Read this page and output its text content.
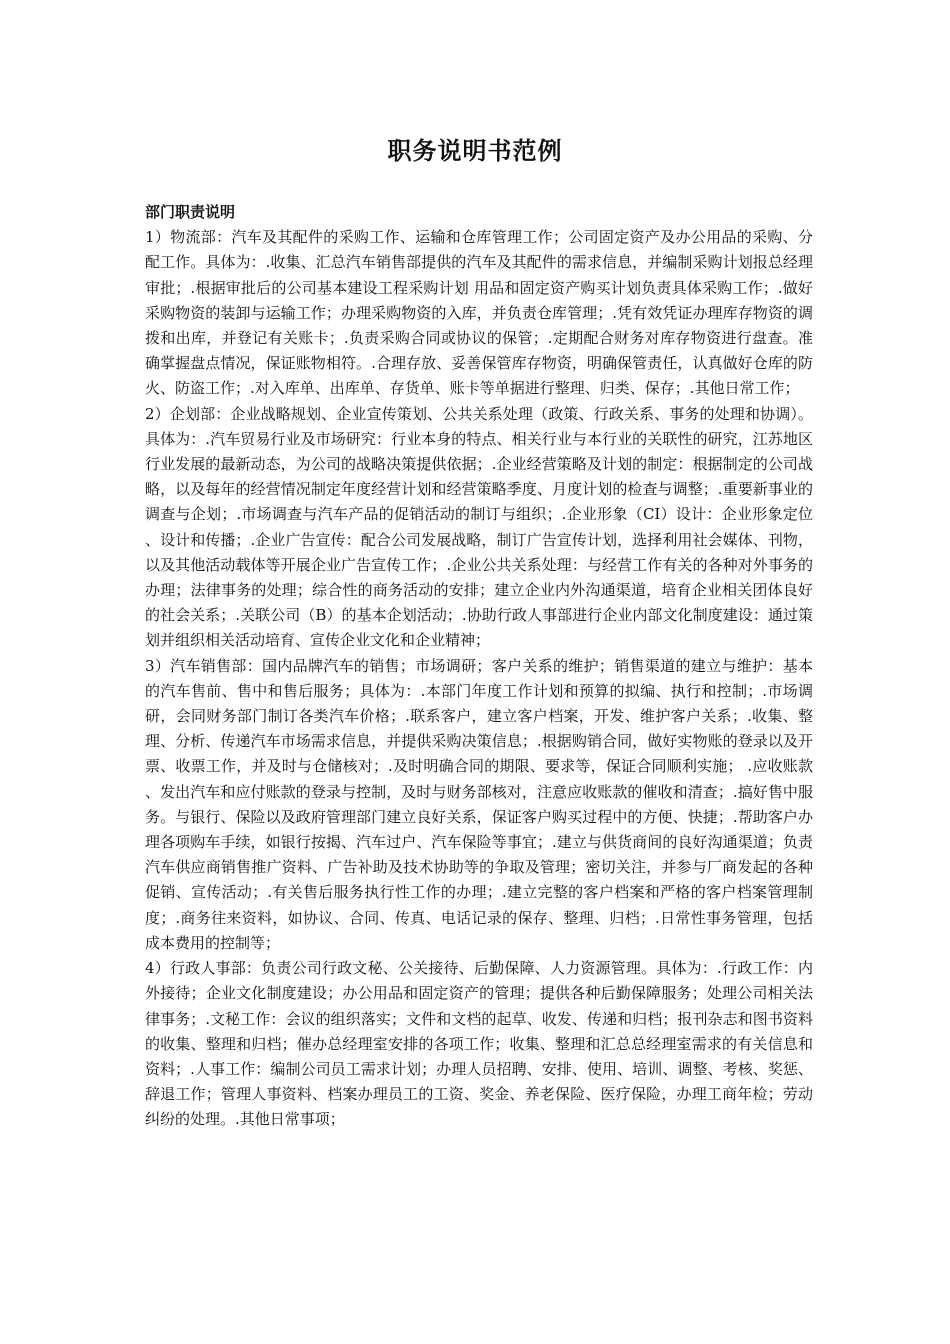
职务说明书范例

部门职责说明

1）物流部：汽车及其配件的采购工作、运输和仓库管理工作；公司固定资产及办公用品的采购、分配工作。具体为：.收集、汇总汽车销售部提供的汽车及其配件的需求信息，并编制采购计划报总经理审批；.根据审批后的公司基本建设工程采购计划 用品和固定资产购买计划负责具体采购工作；.做好采购物资的装卸与运输工作；办理采购物资的入库，并负责仓库管理；.凭有效凭证办理库存物资的调拨和出库，并登记有关账卡；.负责采购合同或协议的保管；.定期配合财务对库存物资进行盘查。准确掌握盘点情况，保证账物相符。.合理存放、妥善保管库存物资，明确保管责任，认真做好仓库的防火、防盗工作；.对入库单、出库单、存货单、账卡等单据进行整理、归类、保存；.其他日常工作；

2）企划部：企业战略规划、企业宣传策划、公共关系处理（政策、行政关系、事务的处理和协调）。具体为：.汽车贸易行业及市场研究：行业本身的特点、相关行业与本行业的关联性的研究，江苏地区行业发展的最新动态，为公司的战略决策提供依据；.企业经营策略及计划的制定：根据制定的公司战略，以及每年的经营情况制定年度经营计划和经营策略季度、月度计划的检查与调整；.重要新事业的调查与企划；.市场调查与汽车产品的促销活动的制订与组织；.企业形象（CI）设计：企业形象定位、设计和传播；.企业广告宣传：配合公司发展战略，制订广告宣传计划，选择利用社会媒体、刊物，以及其他活动载体等开展企业广告宣传工作；.企业公共关系处理：与经营工作有关的各种对外事务的办理；法律事务的处理；综合性的商务活动的安排；建立企业内外沟通渠道，培育企业相关团体良好的社会关系；.关联公司（B）的基本企划活动；.协助行政人事部进行企业内部文化制度建设：通过策划并组织相关活动培育、宣传企业文化和企业精神；

3）汽车销售部：国内品牌汽车的销售；市场调研；客户关系的维护；销售渠道的建立与维护：基本的汽车售前、售中和售后服务；具体为：.本部门年度工作计划和预算的拟编、执行和控制；.市场调研，会同财务部门制订各类汽车价格；.联系客户，建立客户档案，开发、维护客户关系；.收集、整理、分析、传递汽车市场需求信息，并提供采购决策信息；.根据购销合同，做好实物账的登录以及开票、收票工作，并及时与仓储核对；.及时明确合同的期限、要求等，保证合同顺利实施； .应收账款、发出汽车和应付账款的登录与控制，及时与财务部核对，注意应收账款的催收和清查；.搞好售中服务。与银行、保险以及政府管理部门建立良好关系，保证客户购买过程中的方便、快捷；.帮助客户办理各项购车手续，如银行按揭、汽车过户、汽车保险等事宜；.建立与供货商间的良好沟通渠道；负责汽车供应商销售推广资料、广告补助及技术协助等的争取及管理；密切关注，并参与厂商发起的各种促销、宣传活动；.有关售后服务执行性工作的办理；.建立完整的客户档案和严格的客户档案管理制度；.商务往来资料，如协议、合同、传真、电话记录的保存、整理、归档；.日常性事务管理，包括成本费用的控制等；

4）行政人事部：负责公司行政文秘、公关接待、后勤保障、人力资源管理。具体为：.行政工作：内外接待；企业文化制度建设；办公用品和固定资产的管理；提供各种后勤保障服务；处理公司相关法律事务；.文秘工作：会议的组织落实；文件和文档的起草、收发、传递和归档；报刊杂志和图书资料的收集、整理和归档；催办总经理室安排的各项工作；收集、整理和汇总总经理室需求的有关信息和资料；.人事工作：编制公司员工需求计划；办理人员招聘、安排、使用、培训、调整、考核、奖惩、辞退工作；管理人事资料、档案办理员工的工资、奖金、养老保险、医疗保险，办理工商年检；劳动纠纷的处理。.其他日常事项；
